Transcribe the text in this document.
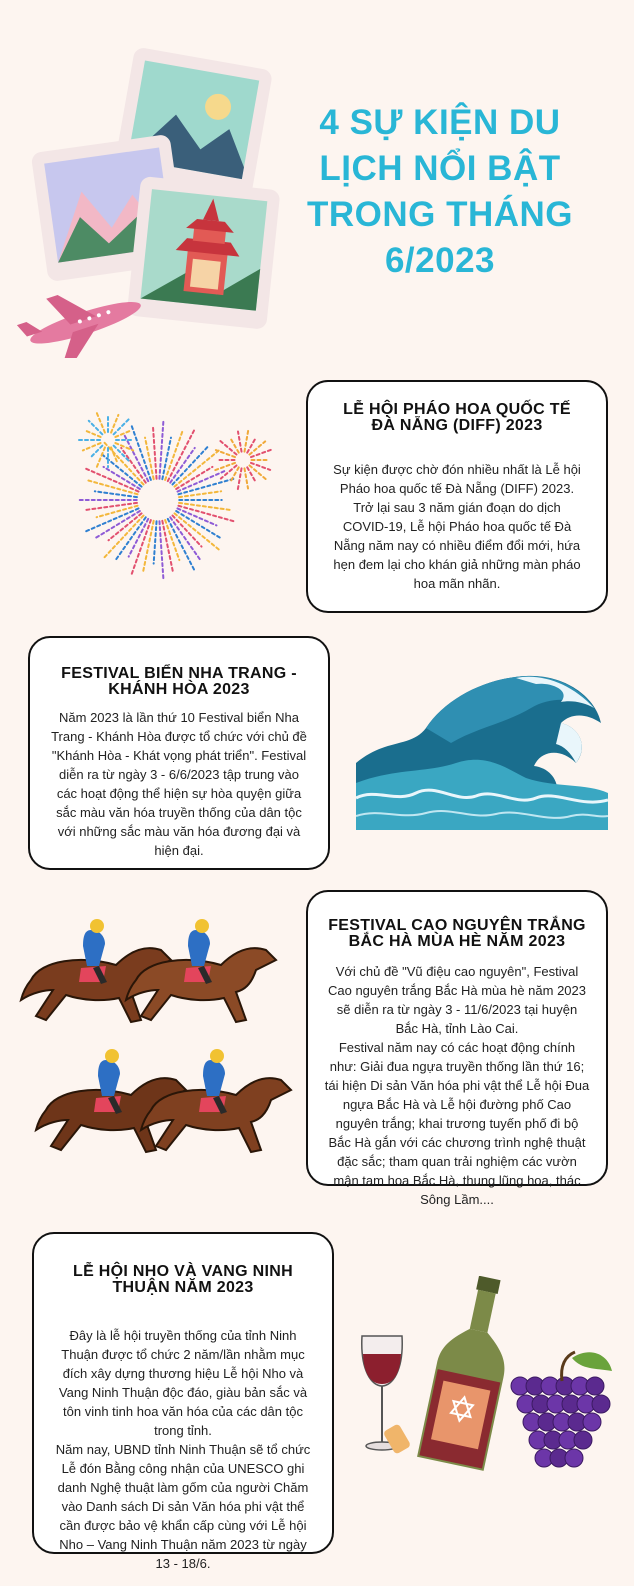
4 SỰ KIỆN DU LỊCH NỔI BẬT TRONG THÁNG 6/2023
LỄ HỘI PHÁO HOA QUỐC TẾ ĐÀ NẴNG (DIFF) 2023

Sự kiện được chờ đón nhiều nhất là Lễ hội Pháo hoa quốc tế Đà Nẵng (DIFF) 2023. Trở lại sau 3 năm gián đoạn do dịch COVID-19, Lễ hội Pháo hoa quốc tế Đà Nẵng năm nay có nhiều điểm đổi mới, hứa hẹn đem lại cho khán giả những màn pháo hoa mãn nhãn.

FESTIVAL BIỂN NHA TRANG - KHÁNH HÒA 2023

Năm 2023 là lần thứ 10 Festival biển Nha Trang - Khánh Hòa được tổ chức với chủ đề "Khánh Hòa - Khát vọng phát triển". Festival diễn ra từ ngày 3 - 6/6/2023 tập trung vào các hoạt động thể hiện sự hòa quyện giữa sắc màu văn hóa truyền thống của dân tộc với những sắc màu văn hóa đương đại và hiện đại.

FESTIVAL CAO NGUYÊN TRẮNG BẮC HÀ MÙA HÈ NĂM 2023

Với chủ đề "Vũ điệu cao nguyên", Festival Cao nguyên trắng Bắc Hà mùa hè năm 2023 sẽ diễn ra từ ngày 3 - 11/6/2023 tại huyện Bắc Hà, tỉnh Lào Cai.

Festival năm nay có các hoạt động chính như: Giải đua ngựa truyền thống lần thứ 16; tái hiện Di sản Văn hóa phi vật thể Lễ hội Đua ngựa Bắc Hà và Lễ hội đường phố Cao nguyên trắng; khai trương tuyến phố đi bộ Bắc Hà gắn với các chương trình nghệ thuật đặc sắc; tham quan trải nghiệm các vườn mận tam hoa Bắc Hà, thung lũng hoa, thác Sông Lầm....

LỄ HỘI NHO VÀ VANG NINH THUẬN NĂM 2023

Đây là lễ hội truyền thống của tỉnh Ninh Thuận được tổ chức 2 năm/lần nhằm mục đích xây dựng thương hiệu Lễ hội Nho và Vang Ninh Thuận độc đáo, giàu bản sắc và tôn vinh tinh hoa văn hóa của các dân tộc trong tỉnh.

Năm nay, UBND tỉnh Ninh Thuận sẽ tổ chức Lễ đón Bằng công nhận của UNESCO ghi danh Nghệ thuật làm gốm của người Chăm vào Danh sách Di sản Văn hóa phi vật thể cần được bảo vệ khẩn cấp cùng với Lễ hội Nho – Vang Ninh Thuận năm 2023 từ ngày 13 - 18/6.
